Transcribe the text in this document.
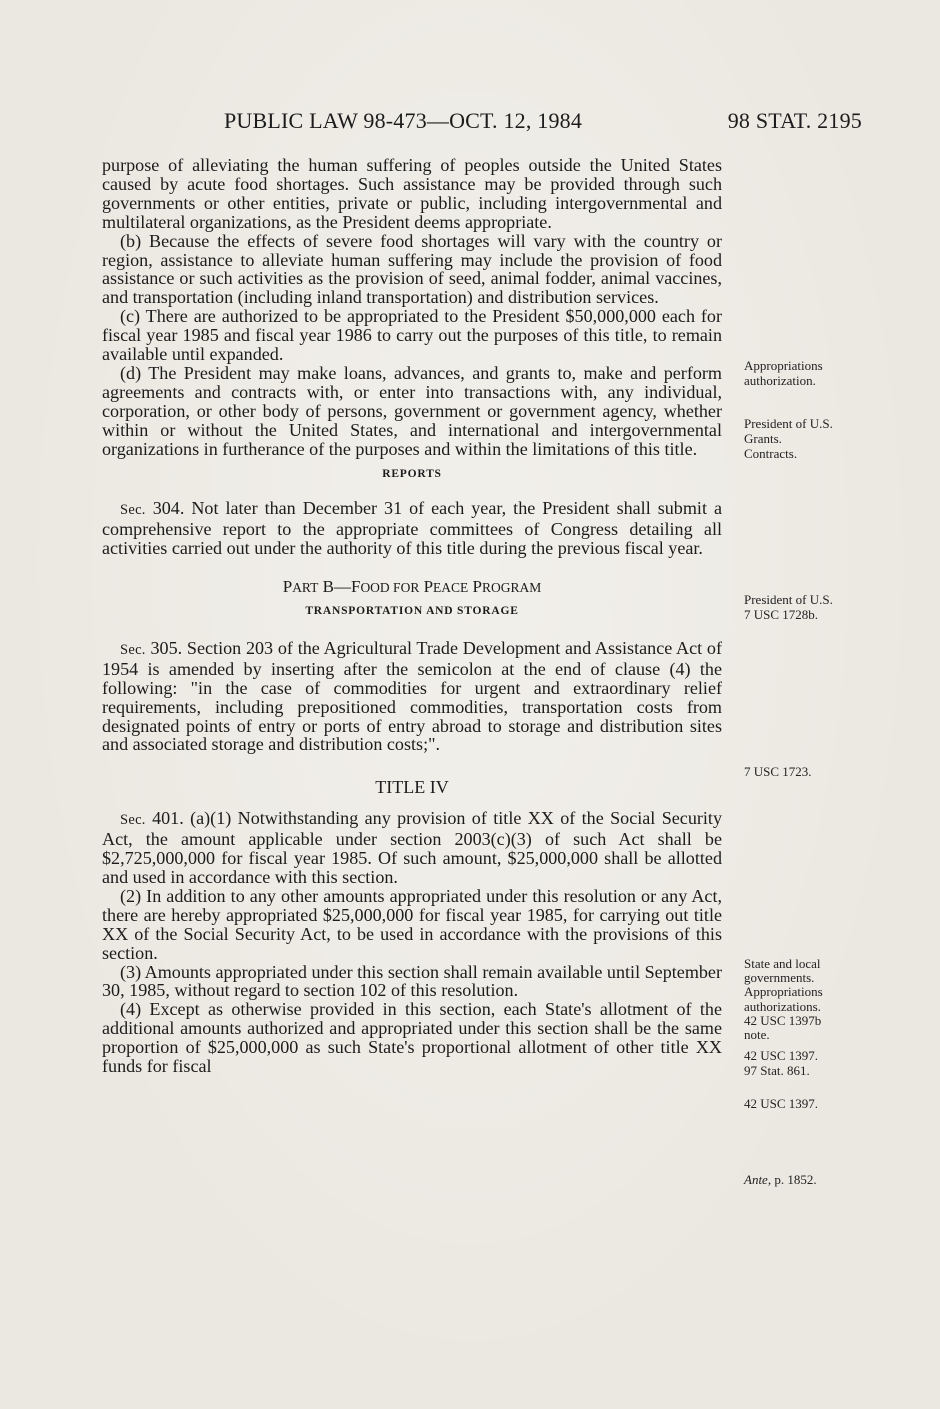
PUBLIC LAW 98-473—OCT. 12, 1984	98 STAT. 2195

purpose of alleviating the human suffering of peoples outside the United States caused by acute food shortages. Such assistance may be provided through such governments or other entities, private or public, including intergovernmental and multilateral organizations, as the President deems appropriate.

(b) Because the effects of severe food shortages will vary with the country or region, assistance to alleviate human suffering may include the provision of food assistance or such activities as the provision of seed, animal fodder, animal vaccines, and transportation (including inland transportation) and distribution services.

(c) There are authorized to be appropriated to the President $50,000,000 each for fiscal year 1985 and fiscal year 1986 to carry out the purposes of this title, to remain available until expanded.

(d) The President may make loans, advances, and grants to, make and perform agreements and contracts with, or enter into transactions with, any individual, corporation, or other body of persons, government or government agency, whether within or without the United States, and international and intergovernmental organizations in furtherance of the purposes and within the limitations of this title.

REPORTS

Sec. 304. Not later than December 31 of each year, the President shall submit a comprehensive report to the appropriate committees of Congress detailing all activities carried out under the authority of this title during the previous fiscal year.

PART B—FOOD FOR PEACE PROGRAM
TRANSPORTATION AND STORAGE

Sec. 305. Section 203 of the Agricultural Trade Development and Assistance Act of 1954 is amended by inserting after the semicolon at the end of clause (4) the following: "in the case of commodities for urgent and extraordinary relief requirements, including prepositioned commodities, transportation costs from designated points of entry or ports of entry abroad to storage and distribution sites and associated storage and distribution costs;".

TITLE IV

Sec. 401. (a)(1) Notwithstanding any provision of title XX of the Social Security Act, the amount applicable under section 2003(c)(3) of such Act shall be $2,725,000,000 for fiscal year 1985. Of such amount, $25,000,000 shall be allotted and used in accordance with this section.

(2) In addition to any other amounts appropriated under this resolution or any Act, there are hereby appropriated $25,000,000 for fiscal year 1985, for carrying out title XX of the Social Security Act, to be used in accordance with the provisions of this section.

(3) Amounts appropriated under this section shall remain available until September 30, 1985, without regard to section 102 of this resolution.

(4) Except as otherwise provided in this section, each State's allotment of the additional amounts authorized and appropriated under this section shall be the same proportion of $25,000,000 as such State's proportional allotment of other title XX funds for fiscal

Appropriations
authorization.
President of U.S.
Grants.
Contracts.
President of U.S.
7 USC 1728b.
7 USC 1723.
State and local
governments.
Appropriations
authorizations.
42 USC 1397b
note.
42 USC 1397.
97 Stat. 861.
42 USC 1397.
Ante, p. 1852.
